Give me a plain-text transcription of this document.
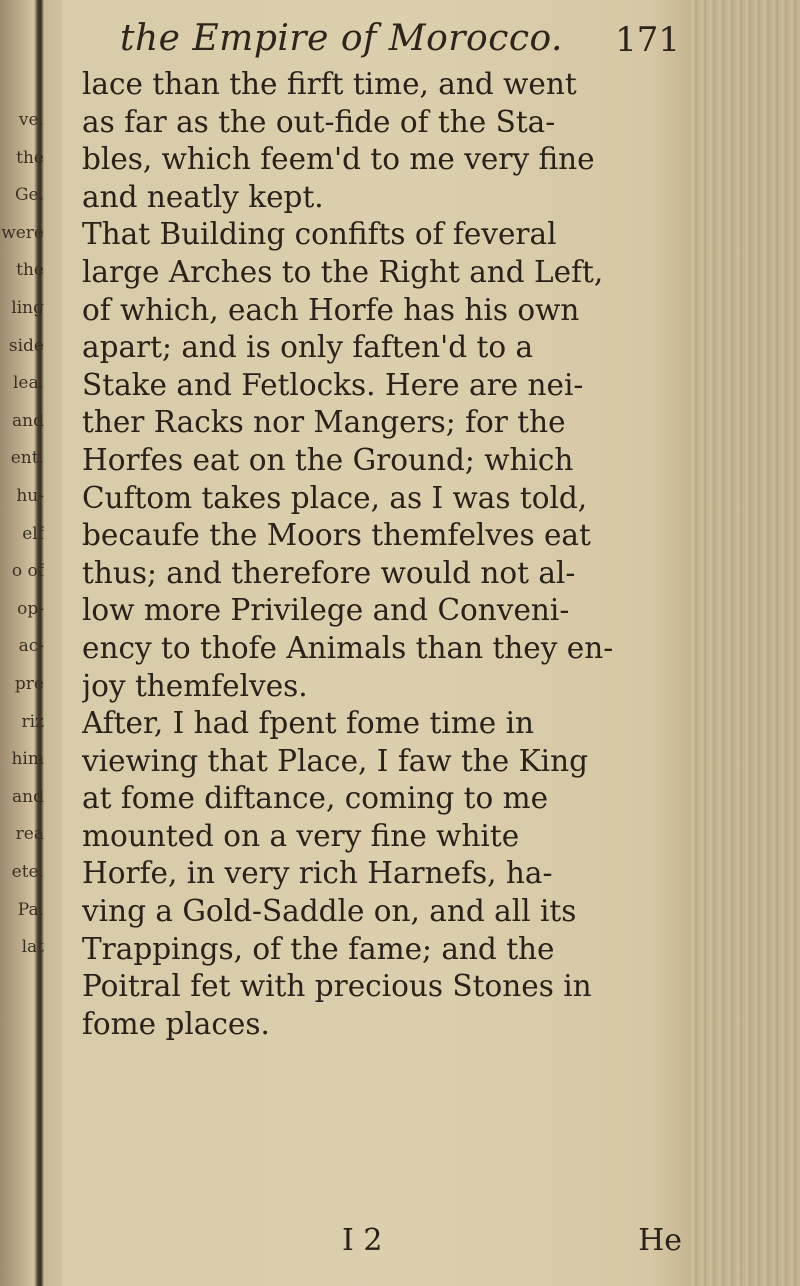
ve,
the
Ge.
were
the
ling
side
lea.
and
ent,
hu-
elf
o of
op-
ac-
pre
riz
him
and
rea
ete.
Pa.
lat
the Empire of Morocco. 171
lace than the firft time, and went
as far as the out-fide of the Sta-
bles, which feem'd to me very fine
and neatly kept.
That Building confifts of feveral
large Arches to the Right and Left,
of which, each Horfe has his own
apart; and is only faften'd to a
Stake and Fetlocks. Here are nei-
ther Racks nor Mangers; for the
Horfes eat on the Ground; which
Cuftom takes place, as I was told,
becaufe the Moors themfelves eat
thus; and therefore would not al-
low more Privilege and Conveni-
ency to thofe Animals than they en-
joy themfelves.
After, I had fpent fome time in
viewing that Place, I faw the King
at fome diftance, coming to me
mounted on a very fine white
Horfe, in very rich Harnefs, ha-
ving a Gold-Saddle on, and all its
Trappings, of the fame; and the
Poitral fet with precious Stones in
fome places.
I 2	He
